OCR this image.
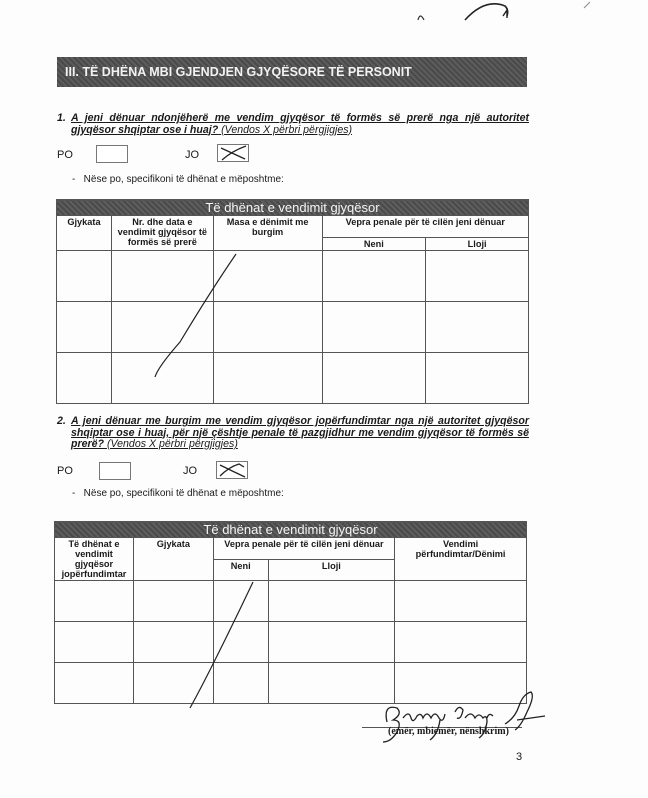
III. TË DHËNA MBI GJENDJEN GJYQËSORE TË PERSONIT
1. A jeni dënuar ndonjëherë me vendim gjyqësor të formës së prerë nga një autoritet gjyqësor shqiptar ose i huaj? (Vendos X përbri përgjigjes)
PO	JO
-   Nëse po, specifikoni të dhënat e mëposhtme:
Të dhënat e vendimit gjyqësor				
Gjykata	Nr. dhe data e vendimit gjyqësor të formës së prerë	Masa e dënimit me burgim	Vepra penale për të cilën jeni dënuar	
			Neni	Lloji

2. A jeni dënuar me burgim me vendim gjyqësor jopërfundimtar nga një autoritet gjyqësor shqiptar ose i huaj, për një çështje penale të pazgjidhur me vendim gjyqësor të formës së prerë? (Vendos X përbri përgjigjes)
PO	JO
-   Nëse po, specifikoni të dhënat e mëposhtme:
Të dhënat e vendimit gjyqësor				
Të dhënat e vendimit gjyqësor jopërfundimtar	Gjykata	Vepra penale për të cilën jeni dënuar		Vendimi përfundimtar/Dënimi
		Neni	Lloji	

(emër, mbiemër, nënshkrim)
3
